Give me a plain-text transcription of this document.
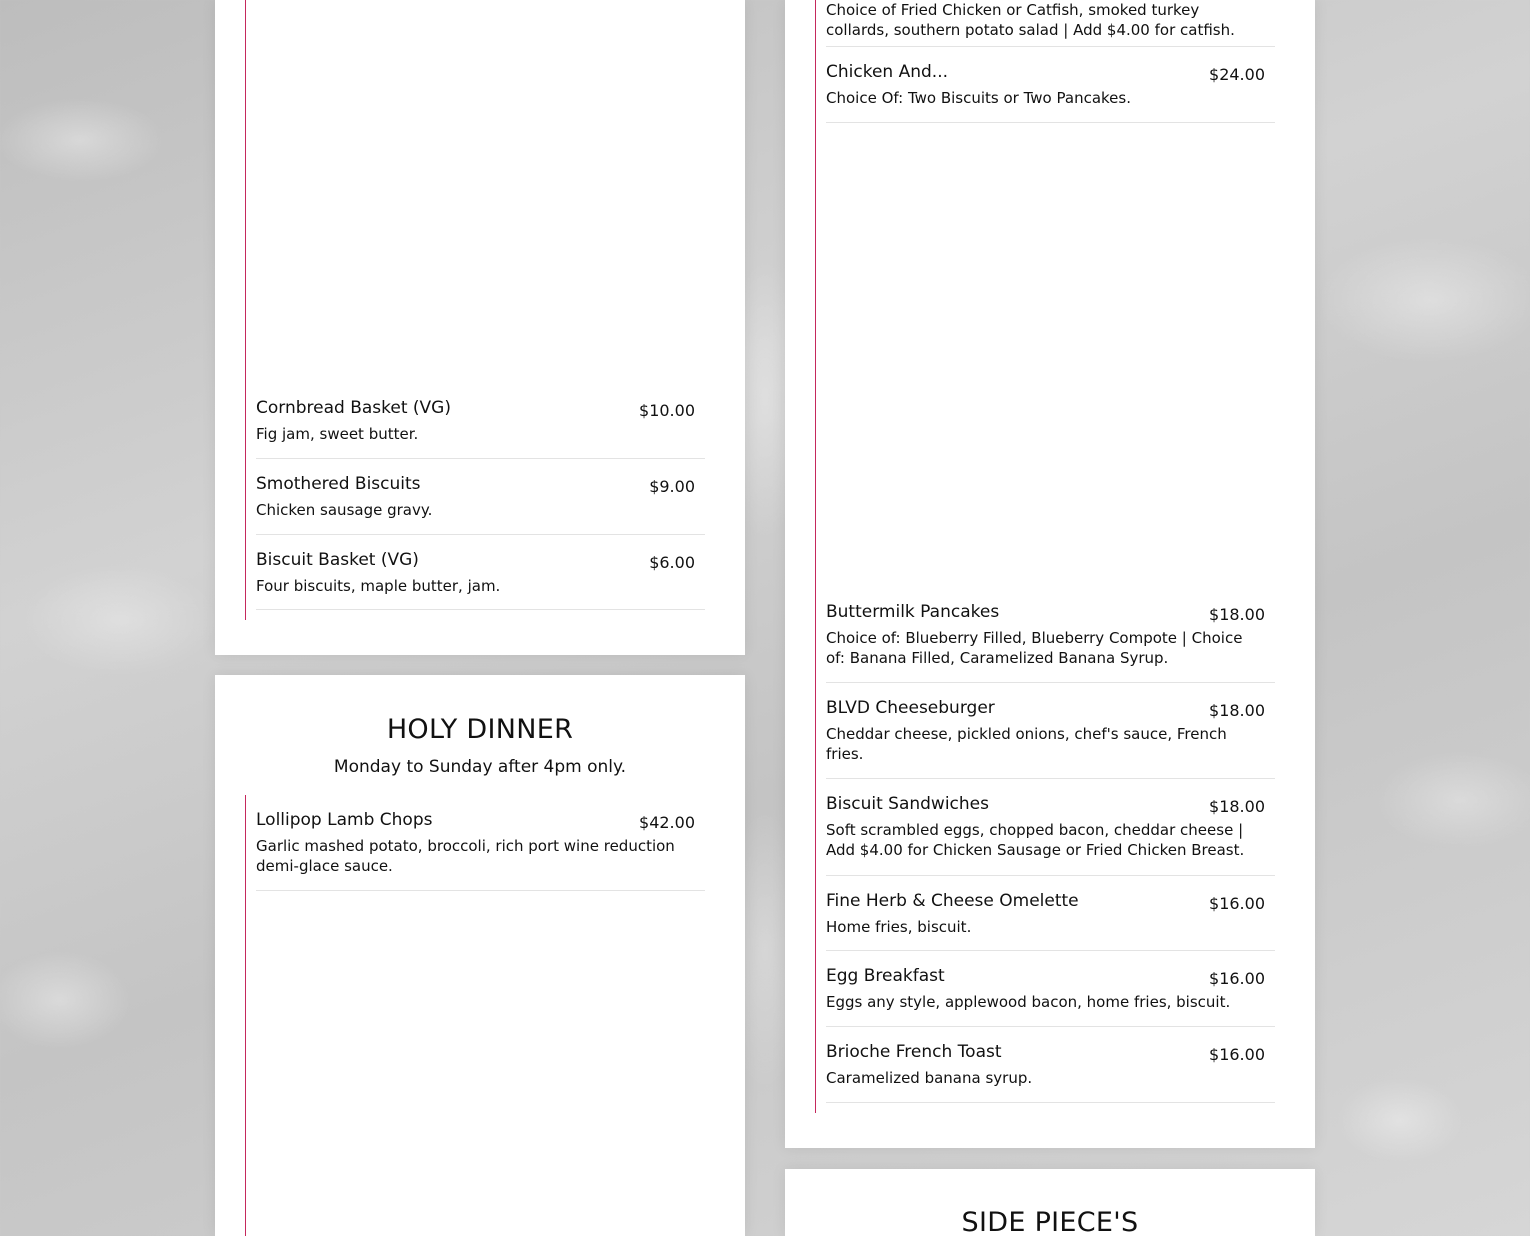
Cornbread Basket (VG)	$10.00
Fig jam, sweet butter.
Smothered Biscuits	$9.00
Chicken sausage gravy.
Biscuit Basket (VG)	$6.00
Four biscuits, maple butter, jam.
HOLY DINNER
Monday to Sunday after 4pm only.
Lollipop Lamb Chops	$42.00
Garlic mashed potato, broccoli, rich port wine reduction demi-glace sauce.
Choice of Fried Chicken or Catfish, smoked turkey collards, southern potato salad | Add $4.00 for catfish.
Chicken And...	$24.00
Choice Of: Two Biscuits or Two Pancakes.
Buttermilk Pancakes	$18.00
Choice of: Blueberry Filled, Blueberry Compote | Choice of: Banana Filled, Caramelized Banana Syrup.
BLVD Cheeseburger	$18.00
Cheddar cheese, pickled onions, chef's sauce, French fries.
Biscuit Sandwiches	$18.00
Soft scrambled eggs, chopped bacon, cheddar cheese | Add $4.00 for Chicken Sausage or Fried Chicken Breast.
Fine Herb & Cheese Omelette	$16.00
Home fries, biscuit.
Egg Breakfast	$16.00
Eggs any style, applewood bacon, home fries, biscuit.
Brioche French Toast	$16.00
Caramelized banana syrup.
SIDE PIECE'S
